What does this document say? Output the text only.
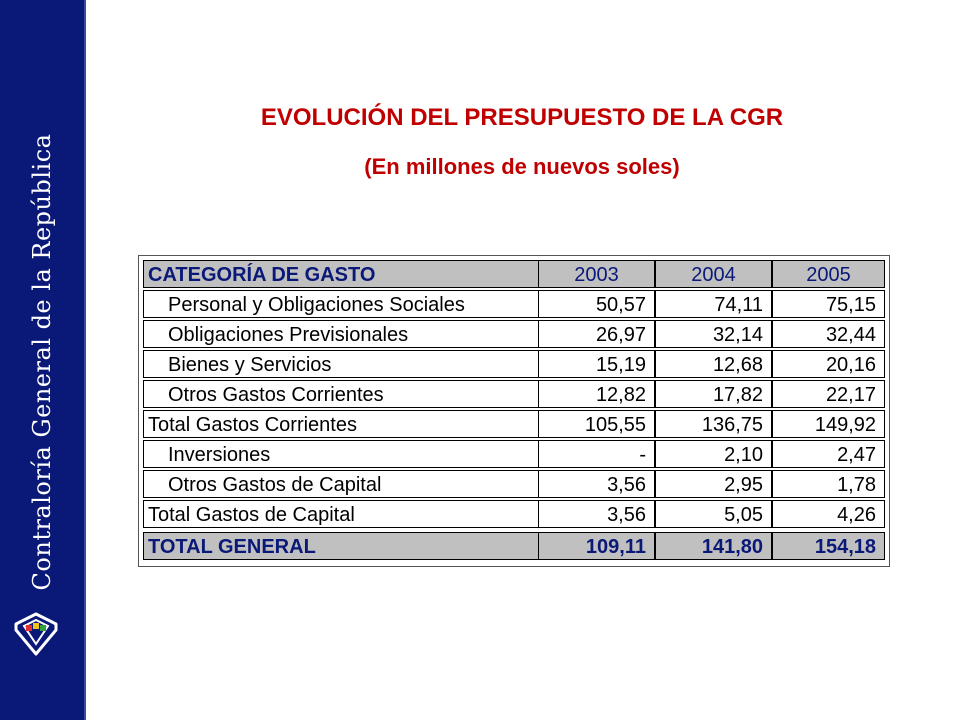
Contraloría General de la República
EVOLUCIÓN DEL PRESUPUESTO DE LA CGR
(En millones de nuevos soles)
CATEGORÍA DE GASTO	2003	2004	2005
Personal y Obligaciones Sociales	50,57	74,11	75,15
Obligaciones Previsionales	26,97	32,14	32,44
Bienes y Servicios	15,19	12,68	20,16
Otros Gastos Corrientes	12,82	17,82	22,17
Total Gastos Corrientes	105,55	136,75	149,92
Inversiones	-	2,10	2,47
Otros Gastos de Capital	3,56	2,95	1,78
Total Gastos de Capital	3,56	5,05	4,26
TOTAL GENERAL	109,11	141,80	154,18
